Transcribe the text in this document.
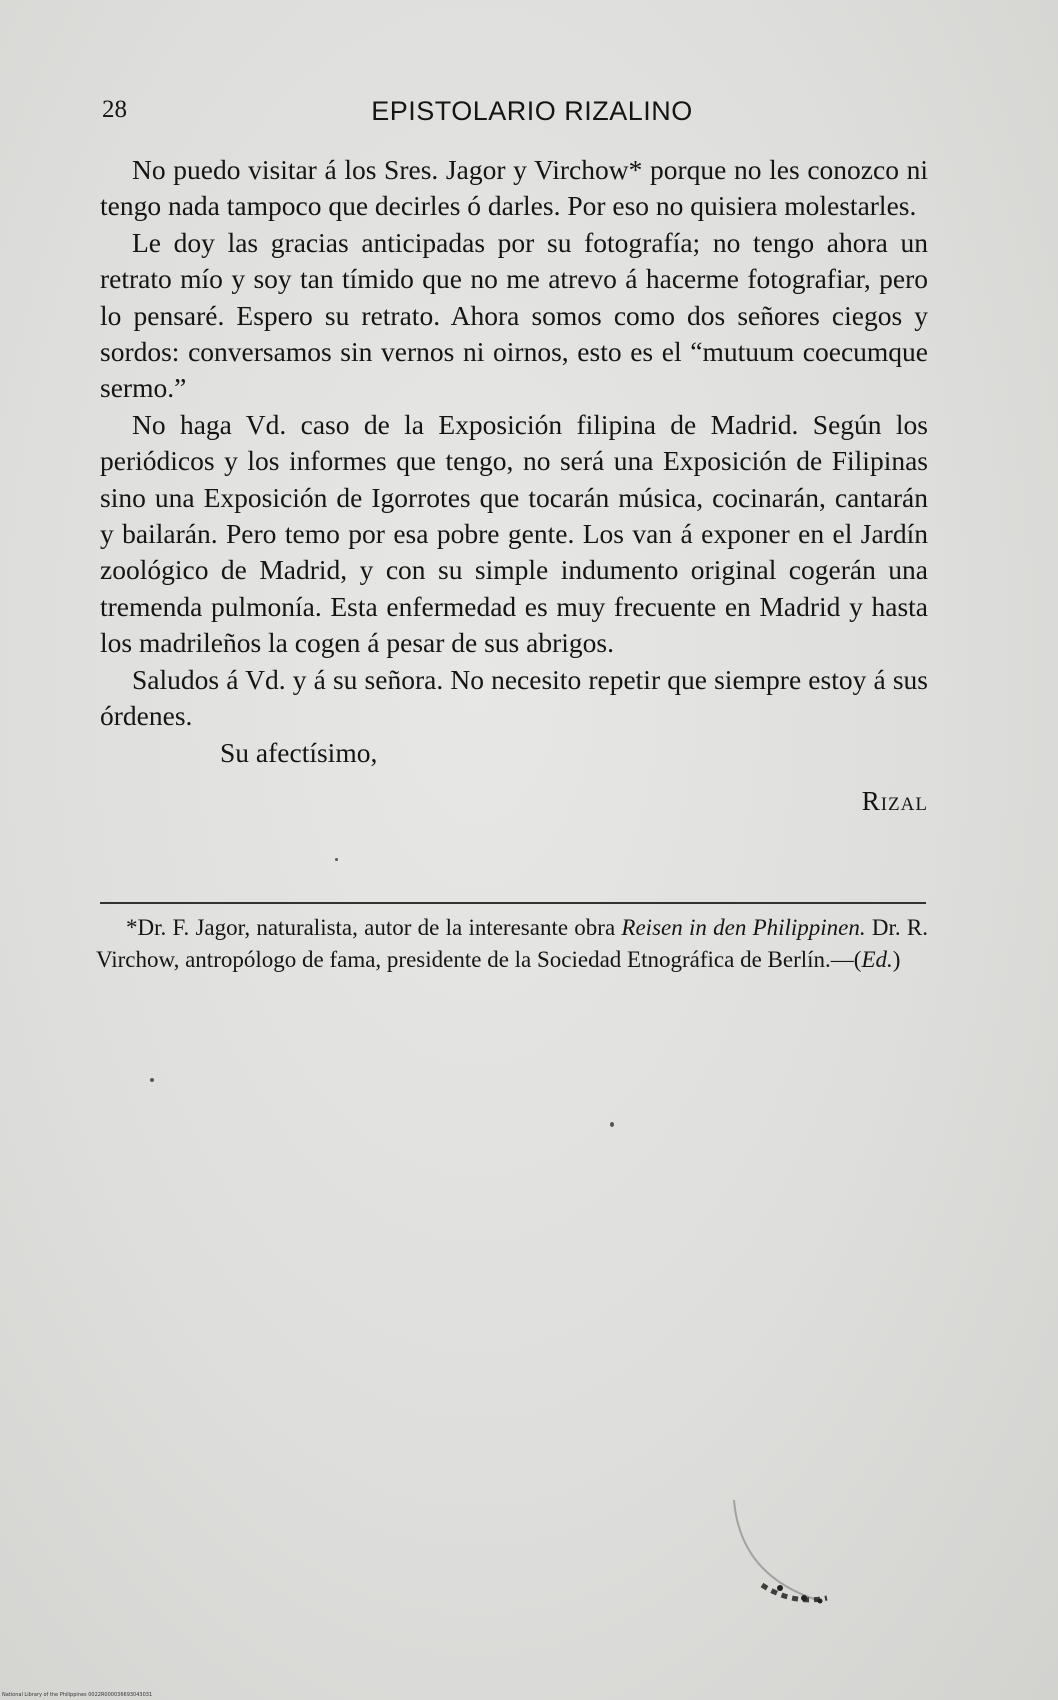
28	EPISTOLARIO RIZALINO

No puedo visitar á los Sres. Jagor y Virchow* porque no les conozco ni tengo nada tampoco que decirles ó darles. Por eso no quisiera molestarles.

Le doy las gracias anticipadas por su fotografía; no tengo ahora un retrato mío y soy tan tímido que no me atrevo á hacerme fotografiar, pero lo pensaré. Espero su retrato. Ahora somos como dos señores ciegos y sordos: conversamos sin vernos ni oirnos, esto es el “mutuum coecumque sermo.”

No haga Vd. caso de la Exposición filipina de Madrid. Según los periódicos y los informes que tengo, no será una Exposición de Filipinas sino una Exposición de Igorrotes que tocarán música, cocinarán, cantarán y bailarán. Pero temo por esa pobre gente. Los van á exponer en el Jardín zoológico de Madrid, y con su simple indumento original cogerán una tremenda pulmonía. Esta enfermedad es muy frecuente en Madrid y hasta los madrileños la cogen á pesar de sus abrigos.

Saludos á Vd. y á su señora. No necesito repetir que siempre estoy á sus órdenes.

Su afectísimo,

Rizal

*Dr. F. Jagor, naturalista, autor de la interesante obra Reisen in den Philippinen. Dr. R. Virchow, antropólogo de fama, presidente de la Sociedad Etnográfica de Berlín.—(Ed.)

National Library of the Philippines 0022R000036693043031
